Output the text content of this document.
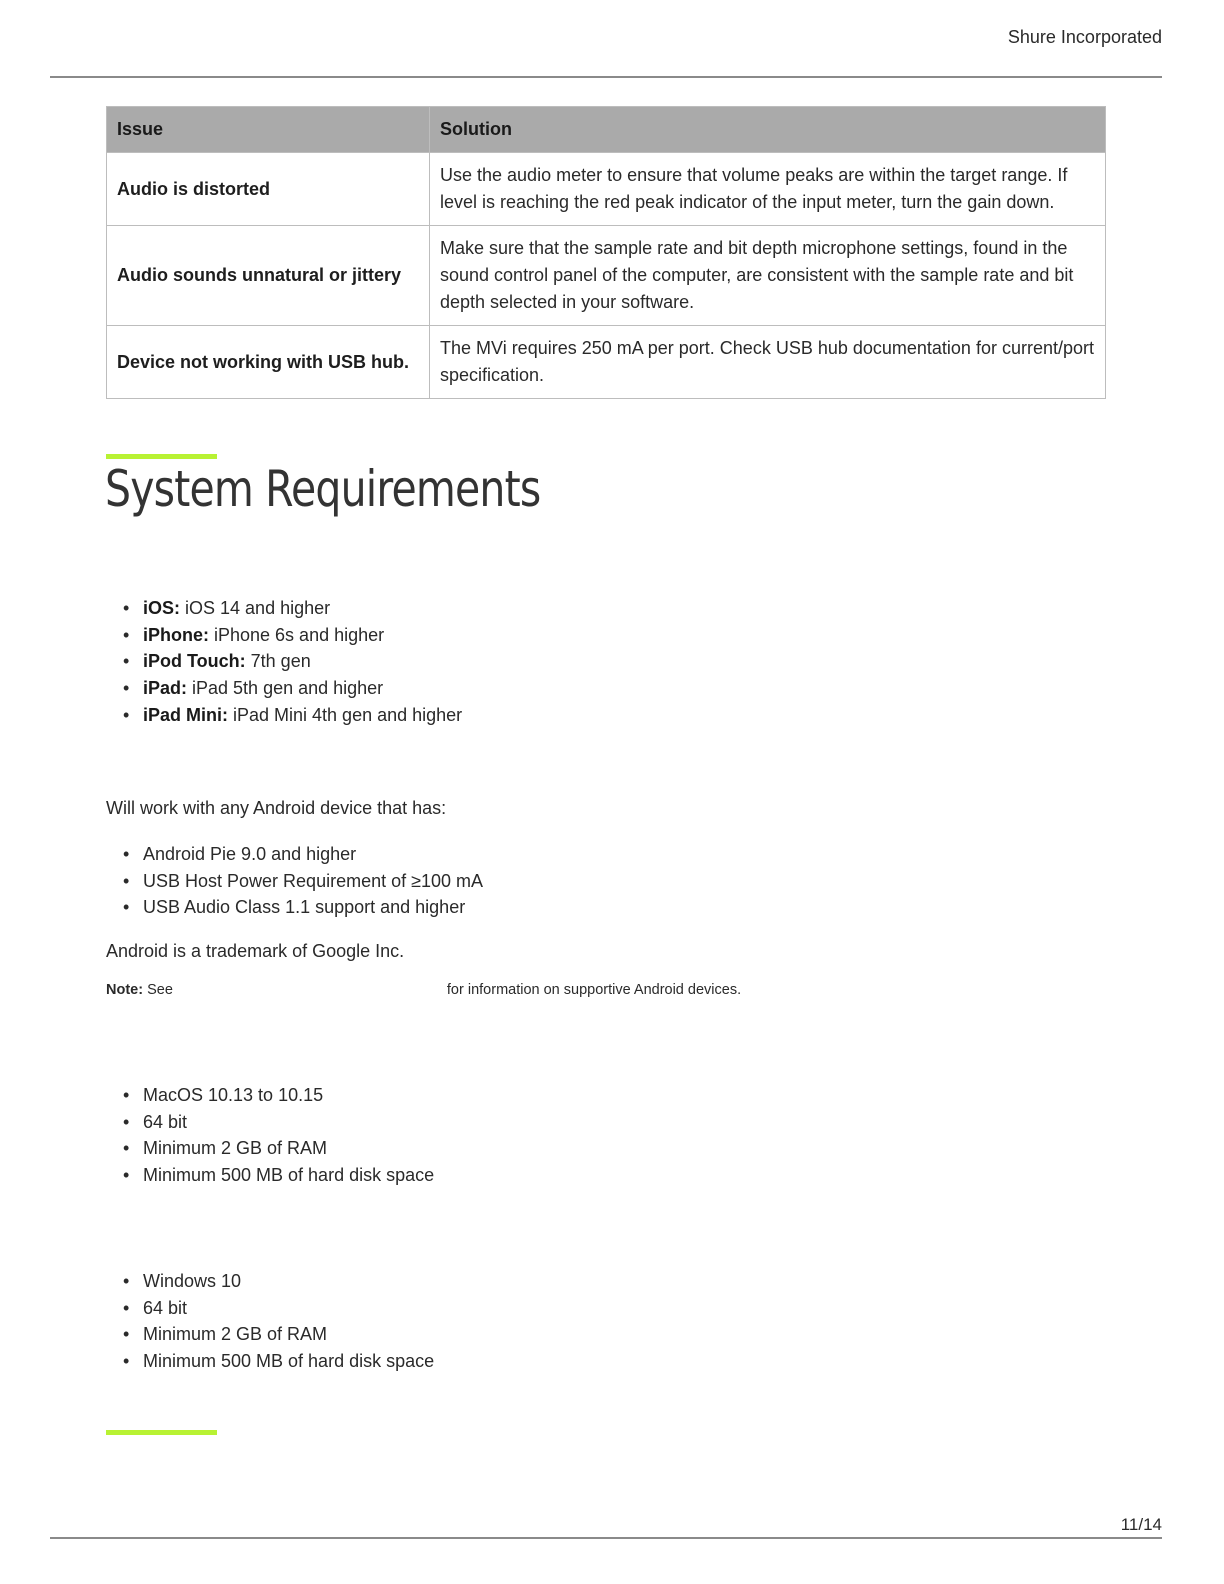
Shure Incorporated
Issue	Solution
Audio is distorted	Use the audio meter to ensure that volume peaks are within the target range. If level is reaching the red peak indicator of the input meter, turn the gain down.
Audio sounds unnatural or jittery	Make sure that the sample rate and bit depth microphone settings, found in the sound control panel of the computer, are consistent with the sample rate and bit depth selected in your software.
Device not working with USB hub.	The MVi requires 250 mA per port. Check USB hub documentation for current/port specification.
System Requirements
• iOS: iOS 14 and higher
• iPhone: iPhone 6s and higher
• iPod Touch: 7th gen
• iPad: iPad 5th gen and higher
• iPad Mini: iPad Mini 4th gen and higher

Will work with any Android device that has:

• Android Pie 9.0 and higher
• USB Host Power Requirement of ≥100 mA
• USB Audio Class 1.1 support and higher

Android is a trademark of Google Inc.

Note: See	for information on supportive Android devices.
• MacOS 10.13 to 10.15
• 64 bit
• Minimum 2 GB of RAM
• Minimum 500 MB of hard disk space
• Windows 10
• 64 bit
• Minimum 2 GB of RAM
• Minimum 500 MB of hard disk space
11/14
